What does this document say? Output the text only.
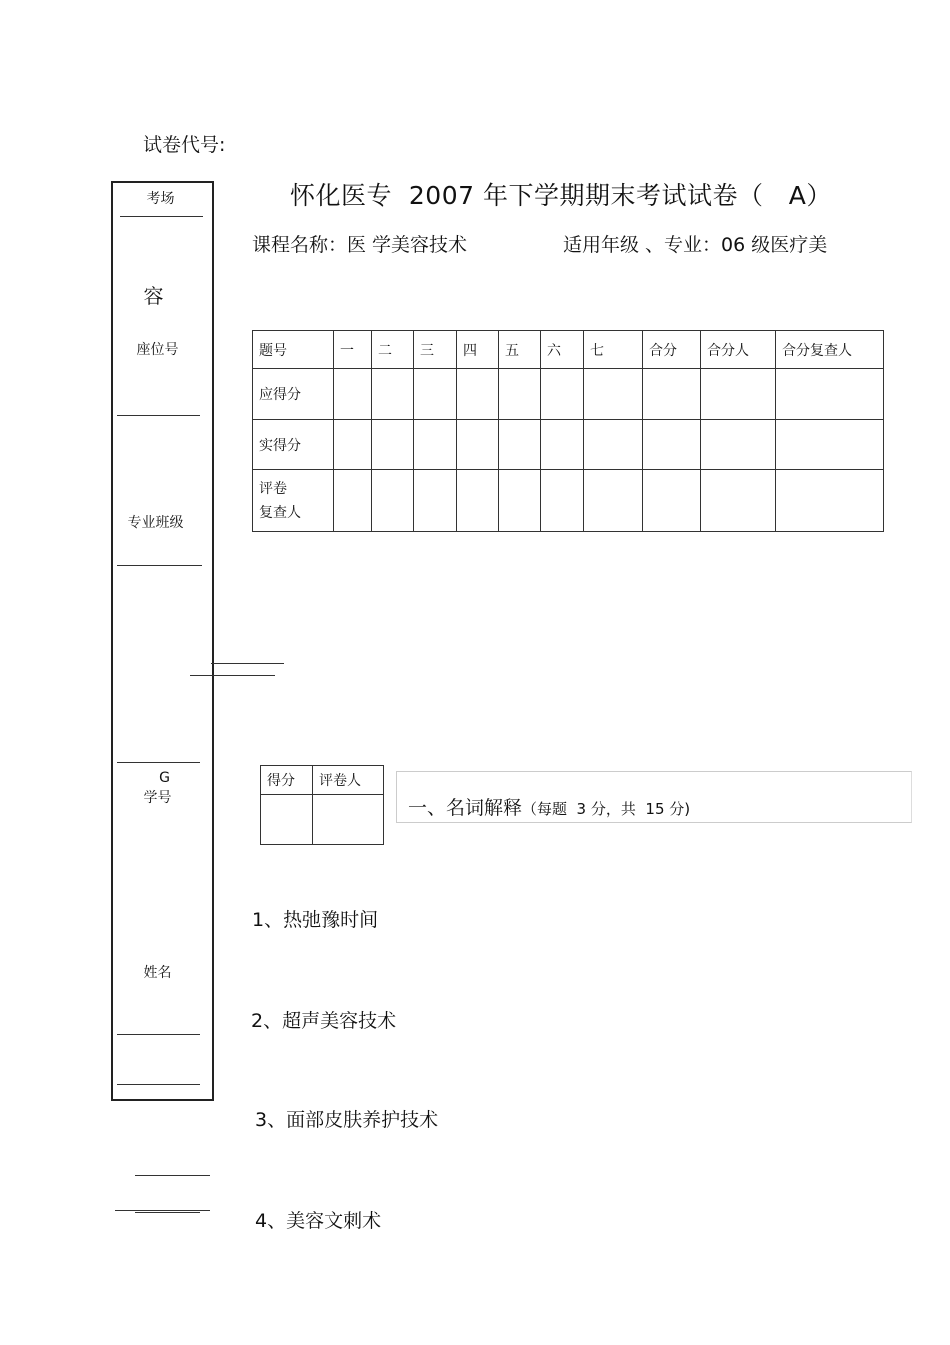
试卷代号:
考场
容
座位号
专业班级
G
学号
姓名
怀化医专  2007 年下学期期末考试试卷（   A）
课程名称：医 学美容技术	适用年级 、专业：06 级医疗美
题号	一	二	三	四	五	六	七	合分	合分人	合分复查人
应得分										
实得分										

评卷
复查人										

得分	评卷人

一、名词解释（每题  3 分，共  15 分)
1、热弛豫时间
2、超声美容技术
3、面部皮肤养护技术
4、美容文刺术
